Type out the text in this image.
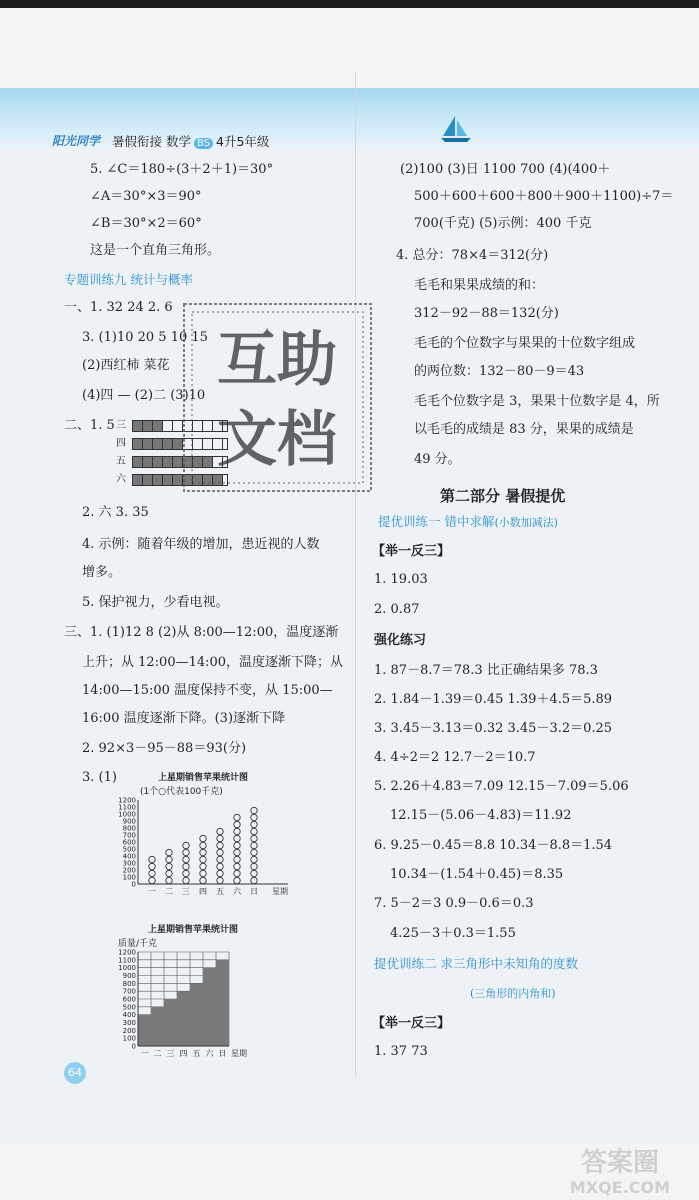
阳光同学 暑假衔接 数学 BS 4升5年级
5. ∠C＝180÷(3＋2＋1)＝30°
∠A＝30°×3＝90°
∠B＝30°×2＝60°
这是一个直角三角形。
专题训练九 统计与概率
一、1. 32 24 2. 6
3. (1)10 20 5 10 15
(2)西红柿 菜花
(4)四 — (2)二 (3)10
二、1. 5 三
四
五
六
2. 六 3. 35
4. 示例：随着年级的增加，患近视的人数
增多。
5. 保护视力，少看电视。
三、1. (1)12 8 (2)从 8:00—12:00，温度逐渐
上升；从 12:00—14:00，温度逐渐下降；从
14:00—15:00 温度保持不变，从 15:00—
16:00 温度逐渐下降。(3)逐渐下降
2. 92×3－95－88＝93(分)
3. (1)	上星期销售苹果统计图
(1个○代表100千克)
0
100
200
300
400
500
600
700
800
900
1000
1100
1200
一 二 三 四 五 六 日 星期
上星期销售苹果统计图
质量/千克
0
100
200
300
400
500
600
700
800
900
1000
1100
1200
一 二 三 四 五 六 日 星期
(2)100 (3)日 1100 700 (4)(400＋
500＋600＋600＋800＋900＋1100)÷7＝
700(千克) (5)示例：400 千克
4. 总分：78×4＝312(分)
毛毛和果果成绩的和：
312－92－88＝132(分)
毛毛的个位数字与果果的十位数字组成
的两位数：132－80－9＝43
毛毛个位数字是 3，果果十位数字是 4，所
以毛毛的成绩是 83 分，果果的成绩是
49 分。
第二部分 暑假提优
提优训练一 错中求解(小数加减法)
【举一反三】
1. 19.03
2. 0.87
强化练习
1. 87－8.7＝78.3 比正确结果多 78.3
2. 1.84－1.39＝0.45 1.39＋4.5＝5.89
3. 3.45－3.13＝0.32 3.45－3.2＝0.25
4. 4÷2＝2 12.7－2＝10.7
5. 2.26＋4.83＝7.09 12.15－7.09＝5.06
12.15－(5.06－4.83)＝11.92
6. 9.25－0.45＝8.8 10.34－8.8＝1.54
10.34－(1.54＋0.45)＝8.35
7. 5－2＝3 0.9－0.6＝0.3
4.25－3＋0.3＝1.55
提优训练二 求三角形中未知角的度数
(三角形的内角和)
【举一反三】
1. 37 73
互助
文档
64
答案圈
MXQE.COM
